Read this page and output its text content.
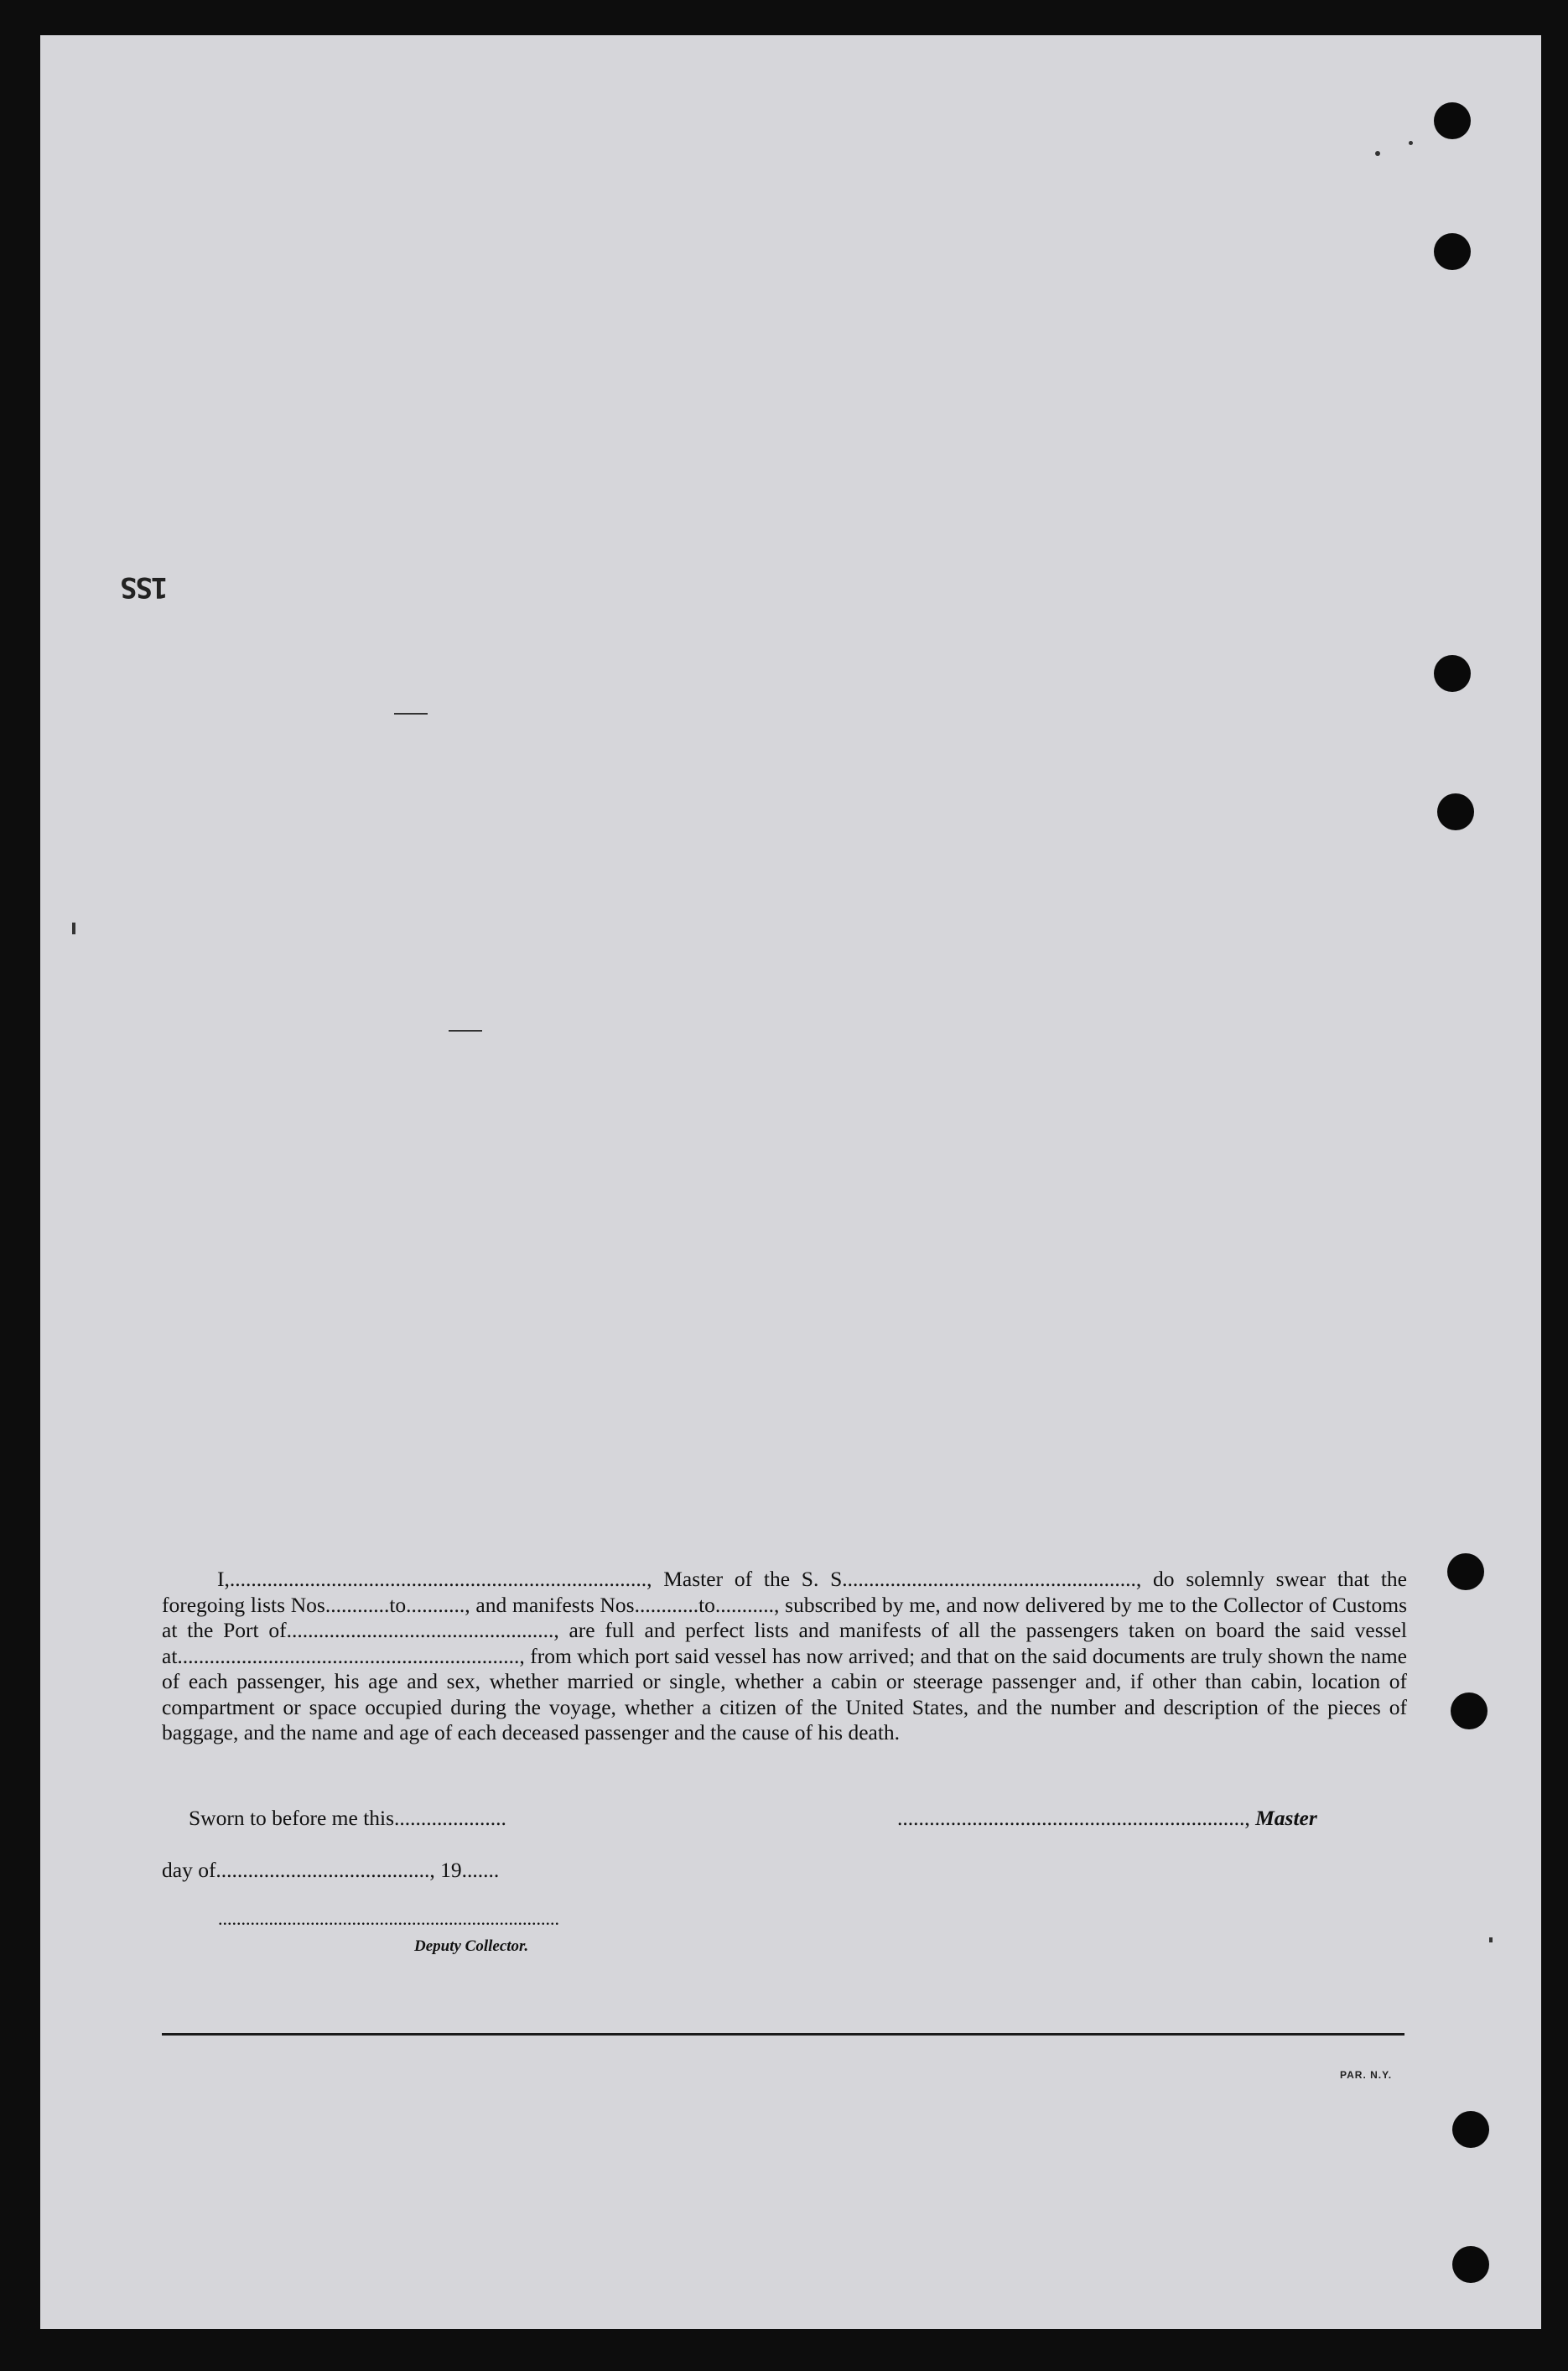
1SS

I,.............................................................................., Master of the S. S......................................................., do solemnly swear that the foregoing lists Nos............to..........., and manifests Nos............to..........., subscribed by me, and now delivered by me to the Collector of Customs at the Port of.................................................., are full and perfect lists and manifests of all the passengers taken on board the said vessel at................................................................, from which port said vessel has now arrived; and that on the said documents are truly shown the name of each passenger, his age and sex, whether married or single, whether a cabin or steerage passenger and, if other than cabin, location of compartment or space occupied during the voyage, whether a citizen of the United States, and the number and description of the pieces of baggage, and the name and age of each deceased passenger and the cause of his death.

Sworn to before me this.....................	................................................................., Master
day of........................................, 19.......
..........................................................................
Deputy Collector.
PAR. N.Y.
